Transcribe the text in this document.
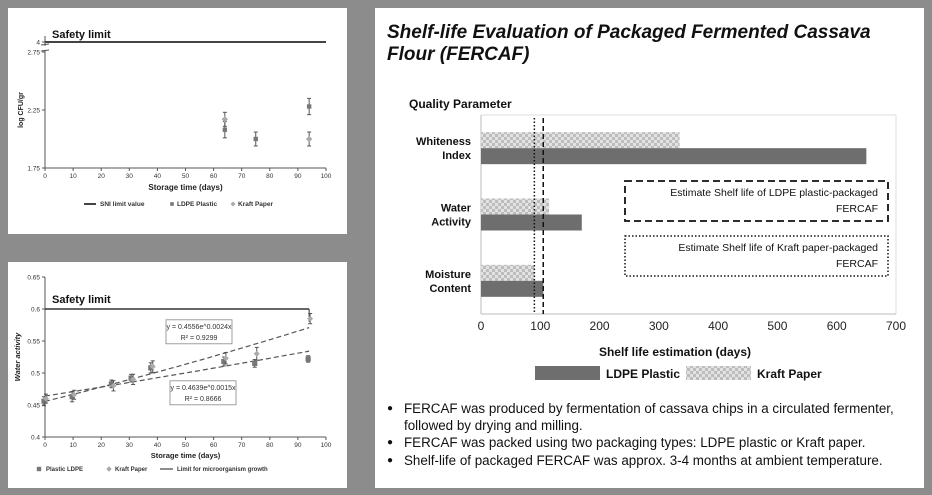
1.75
2.25
2.75
4
0	10	20	30	40	50	60	70	80	90	100
Safety limit
Storage time (days)
log CFU/gr
SNI limit value	LDPE Plastic	Kraft Paper
0.4
0.45
0.5
0.55
0.6
0.65
0	10	20	30	40	50	60	70	80	90	100
Safety limit
y = 0.4556e^0.0024x
R² = 0.9299
y = 0.4639e^0.0015x
R² = 0.8666
Storage time (days)
Water activity
Plastic LDPE	Kraft Paper	Limit for microorganism growth
Shelf-life Evaluation of Packaged Fermented Cassava Flour (FERCAF)
Quality Parameter
0	100	200	300	400	500	600	700
Whiteness
Index
Water
Activity
Moisture
Content
Estimate Shelf life of LDPE plastic-packaged
FERCAF
Estimate Shelf life of Kraft paper-packaged
FERCAF
Shelf life estimation (days)
LDPE Plastic	Kraft Paper
● FERCAF was produced by fermentation of cassava chips in a circulated fermenter, followed by drying and milling.
● FERCAF was packed using two packaging types: LDPE plastic or Kraft paper.
● Shelf-life of packaged FERCAF was approx. 3-4 months at ambient temperature.
